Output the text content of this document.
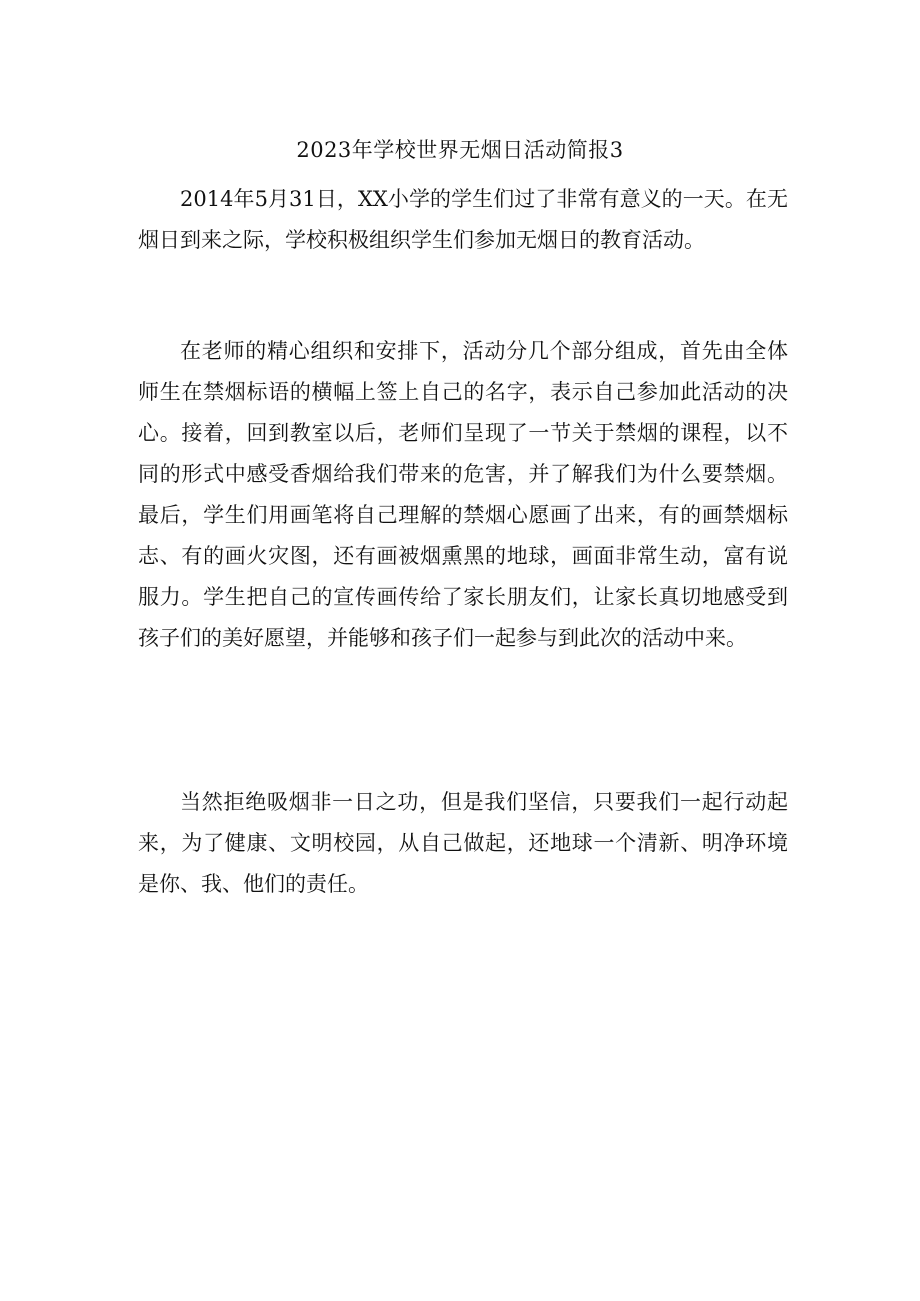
2023年学校世界无烟日活动简报3

2014年5月31日，XX小学的学生们过了非常有意义的一天。在无烟日到来之际，学校积极组织学生们参加无烟日的教育活动。

在老师的精心组织和安排下，活动分几个部分组成，首先由全体师生在禁烟标语的横幅上签上自己的名字，表示自己参加此活动的决心。接着，回到教室以后，老师们呈现了一节关于禁烟的课程，以不同的形式中感受香烟给我们带来的危害，并了解我们为什么要禁烟。最后，学生们用画笔将自己理解的禁烟心愿画了出来，有的画禁烟标志、有的画火灾图，还有画被烟熏黑的地球，画面非常生动，富有说服力。学生把自己的宣传画传给了家长朋友们，让家长真切地感受到孩子们的美好愿望，并能够和孩子们一起参与到此次的活动中来。

当然拒绝吸烟非一日之功，但是我们坚信，只要我们一起行动起来，为了健康、文明校园，从自己做起，还地球一个清新、明净环境是你、我、他们的责任。
